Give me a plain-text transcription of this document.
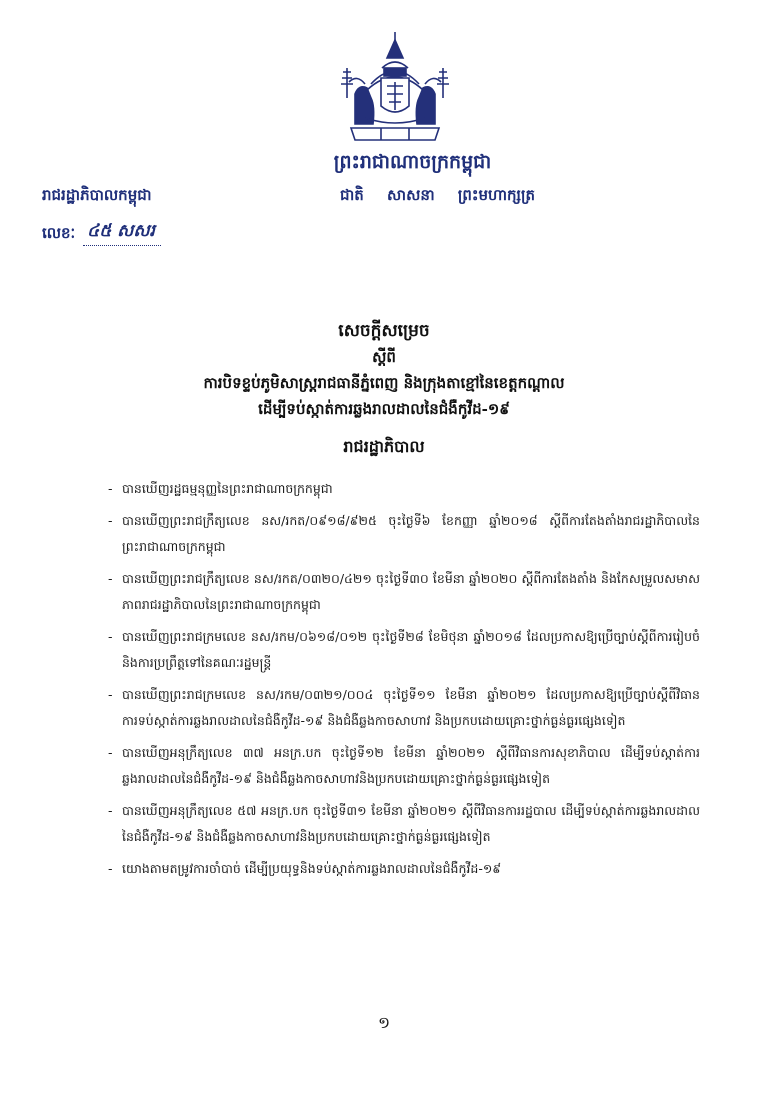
ព្រះរាជាណាចក្រកម្ពុជា
ជាតិ សាសនា ព្រះមហាក្សត្រ
រាជរដ្ឋាភិបាលកម្ពុជា
លេខៈ ៤៥ សសរ
សេចក្តីសម្រេច
ស្តីពី
ការបិទខ្ទប់ភូមិសាស្ត្ររាជធានីភ្នំពេញ និងក្រុងតាខ្មៅនៃខេត្តកណ្តាល
ដើម្បីទប់ស្កាត់ការឆ្លងរាលដាលនៃជំងឺកូវីដ-១៩
រាជរដ្ឋាភិបាល
- បានឃើញរដ្ឋធម្មនុញ្ញនៃព្រះរាជាណាចក្រកម្ពុជា
- បានឃើញព្រះរាជក្រឹត្យលេខ នស/រកត/០៩១៨/៩២៥ ចុះថ្ងៃទី៦ ខែកញ្ញា ឆ្នាំ២០១៨ ស្តីពីការតែងតាំងរាជរដ្ឋាភិបាលនៃព្រះរាជាណាចក្រកម្ពុជា
- បានឃើញព្រះរាជក្រឹត្យលេខ នស/រកត/០៣២០/៤២១ ចុះថ្ងៃទី៣០ ខែមីនា ឆ្នាំ២០២០ ស្តីពីការតែងតាំង និងកែសម្រួលសមាសភាពរាជរដ្ឋាភិបាលនៃព្រះរាជាណាចក្រកម្ពុជា
- បានឃើញព្រះរាជក្រមលេខ នស/រកម/០៦១៨/០១២ ចុះថ្ងៃទី២៨ ខែមិថុនា ឆ្នាំ២០១៨ ដែលប្រកាសឱ្យប្រើច្បាប់ស្តីពីការរៀបចំ និងការប្រព្រឹត្តទៅនៃគណៈរដ្ឋមន្ត្រី
- បានឃើញព្រះរាជក្រមលេខ នស/រកម/០៣២១/០០៤ ចុះថ្ងៃទី១១ ខែមីនា ឆ្នាំ២០២១ ដែលប្រកាសឱ្យប្រើច្បាប់ស្តីពីវិធានការទប់ស្កាត់ការឆ្លងរាលដាលនៃជំងឺកូវីដ-១៩ និងជំងឺឆ្លងកាចសាហាវ និងប្រកបដោយគ្រោះថ្នាក់ធ្ងន់ធ្ងរផ្សេងទៀត
- បានឃើញអនុក្រឹត្យលេខ ៣៧ អនក្រ.បក ចុះថ្ងៃទី១២ ខែមីនា ឆ្នាំ២០២១ ស្តីពីវិធានការសុខាភិបាល ដើម្បីទប់ស្កាត់ការឆ្លងរាលដាលនៃជំងឺកូវីដ-១៩ និងជំងឺឆ្លងកាចសាហាវនិងប្រកបដោយគ្រោះថ្នាក់ធ្ងន់ធ្ងរផ្សេងទៀត
- បានឃើញអនុក្រឹត្យលេខ ៥៧ អនក្រ.បក ចុះថ្ងៃទី៣១ ខែមីនា ឆ្នាំ២០២១ ស្តីពីវិធានការរដ្ឋបាល ដើម្បីទប់ស្កាត់ការឆ្លងរាលដាលនៃជំងឺកូវីដ-១៩ និងជំងឺឆ្លងកាចសាហាវនិងប្រកបដោយគ្រោះថ្នាក់ធ្ងន់ធ្ងរផ្សេងទៀត
- យោងតាមតម្រូវការចាំបាច់ ដើម្បីប្រយុទ្ធនិងទប់ស្កាត់ការឆ្លងរាលដាលនៃជំងឺកូវីដ-១៩
១
